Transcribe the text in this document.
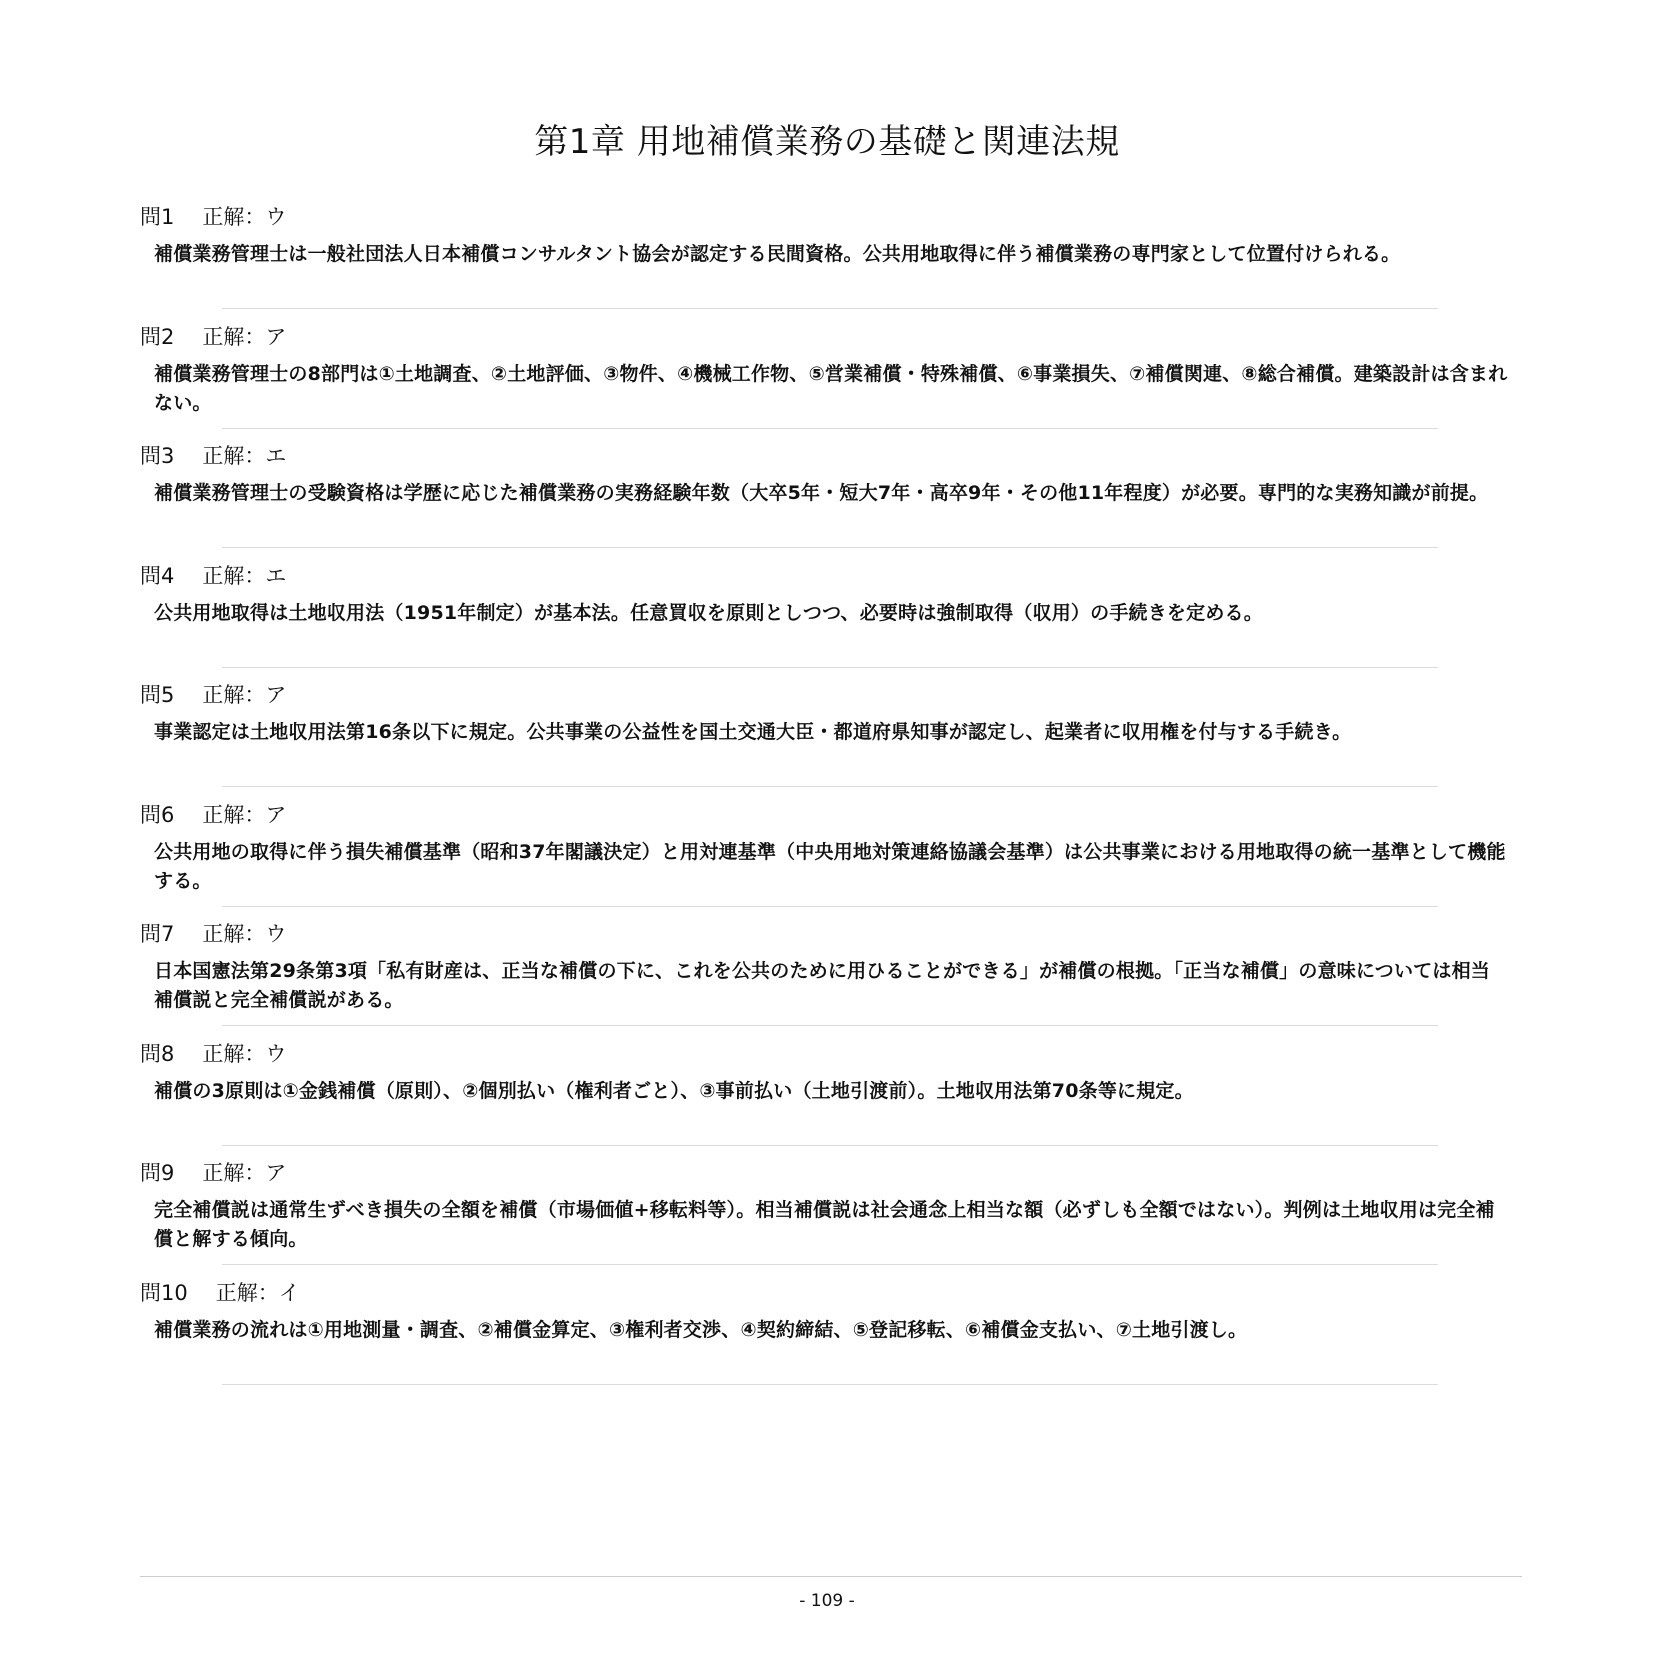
第1章 用地補償業務の基礎と関連法規
問1 正解：ウ
補償業務管理士は一般社団法人日本補償コンサルタント協会が認定する民間資格。公共用地取得に伴う補償業務の専門家として位置付けられる。
問2 正解：ア
補償業務管理士の8部門は①土地調査、②土地評価、③物件、④機械工作物、⑤営業補償・特殊補償、⑥事業損失、⑦補償関連、⑧総合補償。建築設計は含まれない。
問3 正解：エ
補償業務管理士の受験資格は学歴に応じた補償業務の実務経験年数（大卒5年・短大7年・高卒9年・その他11年程度）が必要。専門的な実務知識が前提。
問4 正解：エ
公共用地取得は土地収用法（1951年制定）が基本法。任意買収を原則としつつ、必要時は強制取得（収用）の手続きを定める。
問5 正解：ア
事業認定は土地収用法第16条以下に規定。公共事業の公益性を国土交通大臣・都道府県知事が認定し、起業者に収用権を付与する手続き。
問6 正解：ア
公共用地の取得に伴う損失補償基準（昭和37年閣議決定）と用対連基準（中央用地対策連絡協議会基準）は公共事業における用地取得の統一基準として機能する。
問7 正解：ウ
日本国憲法第29条第3項「私有財産は、正当な補償の下に、これを公共のために用ひることができる」が補償の根拠。「正当な補償」の意味については相当補償説と完全補償説がある。
問8 正解：ウ
補償の3原則は①金銭補償（原則）、②個別払い（権利者ごと）、③事前払い（土地引渡前）。土地収用法第70条等に規定。
問9 正解：ア
完全補償説は通常生ずべき損失の全額を補償（市場価値+移転料等）。相当補償説は社会通念上相当な額（必ずしも全額ではない）。判例は土地収用は完全補償と解する傾向。
問10 正解：イ
補償業務の流れは①用地測量・調査、②補償金算定、③権利者交渉、④契約締結、⑤登記移転、⑥補償金支払い、⑦土地引渡し。
- 109 -
